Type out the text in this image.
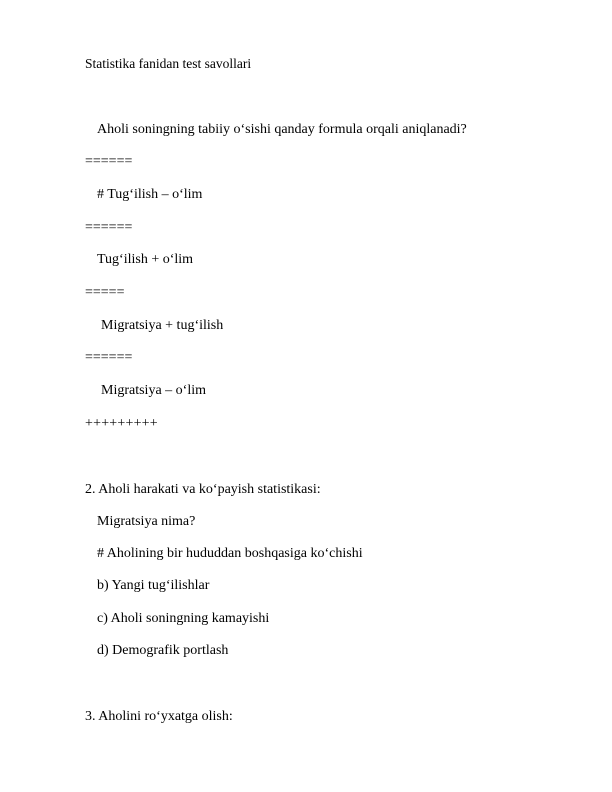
Statistika fanidan test savollari
Aholi soningning tabiiy o‘sishi qanday formula orqali aniqlanadi?
======
# Tug‘ilish – o‘lim
======
Tug‘ilish + o‘lim
=====
Migratsiya + tug‘ilish
======
Migratsiya – o‘lim
+++++++++
2. Aholi harakati va ko‘payish statistikasi:
Migratsiya nima?
# Aholining bir hududdan boshqasiga ko‘chishi
b) Yangi tug‘ilishlar
c) Aholi soningning kamayishi
d) Demografik portlash
3. Aholini ro‘yxatga olish:
